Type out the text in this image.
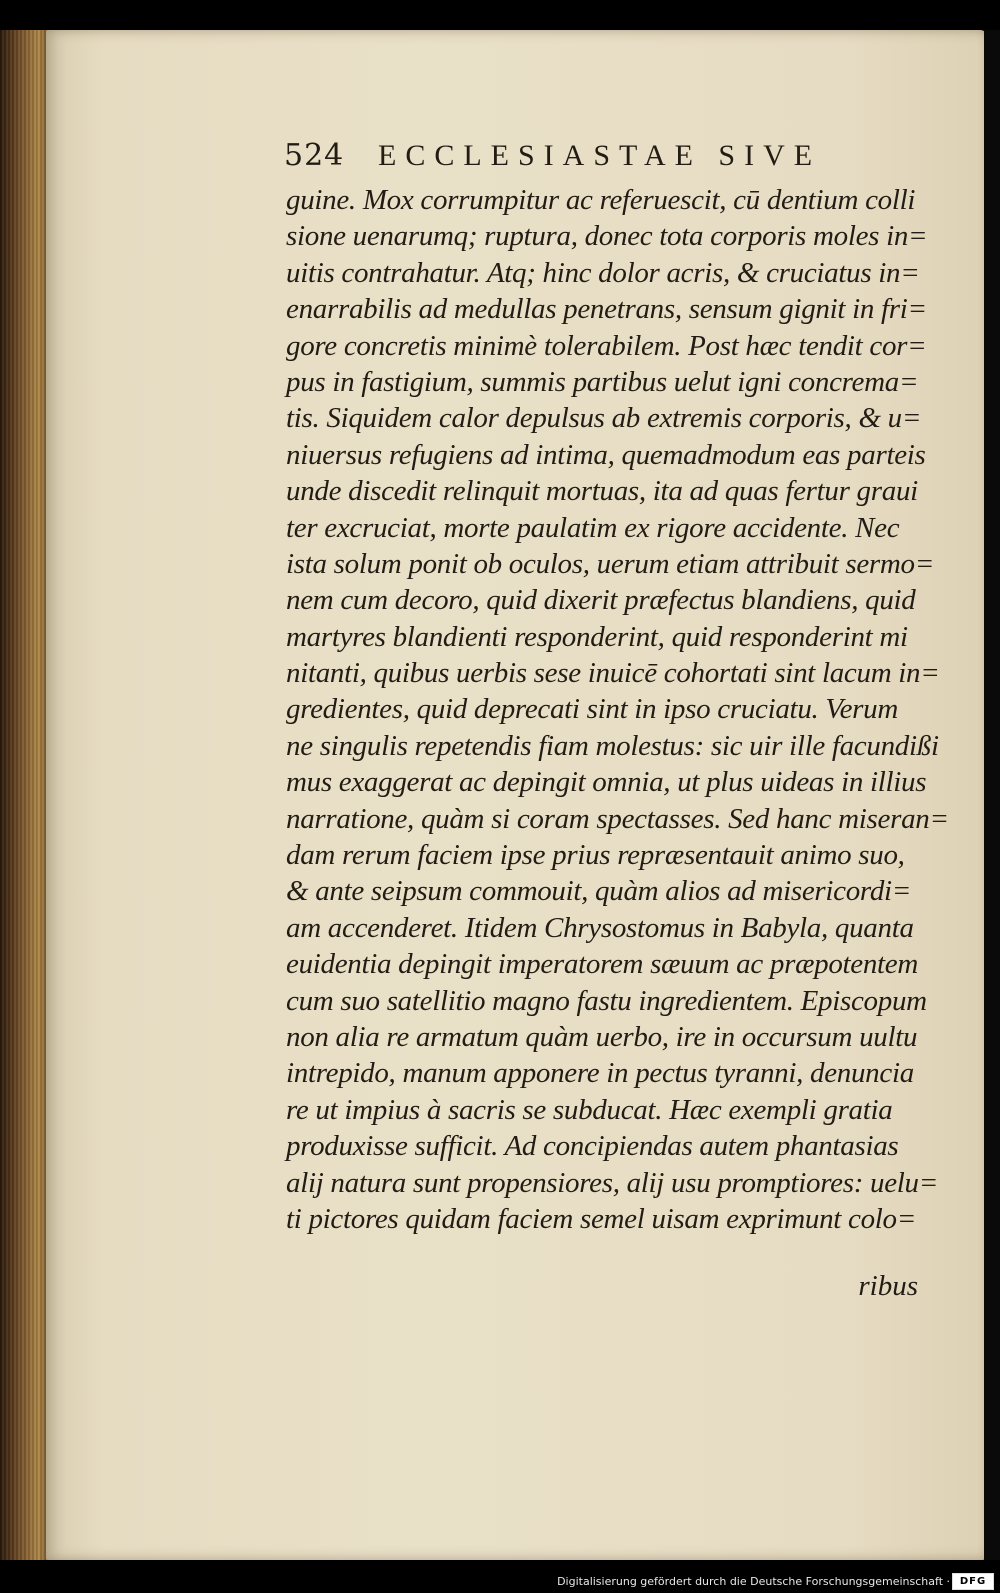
524	ECCLESIASTAE SIVE
guine. Mox corrumpitur ac referuescit, cū dentium colli
sione uenarumq; ruptura, donec tota corporis moles in=
uitis contrahatur. Atq; hinc dolor acris, & cruciatus in=
enarrabilis ad medullas penetrans, sensum gignit in fri=
gore concretis minimè tolerabilem. Post hæc tendit cor=
pus in fastigium, summis partibus uelut igni concrema=
tis. Siquidem calor depulsus ab extremis corporis, & u=
niuersus refugiens ad intima, quemadmodum eas parteis
unde discedit relinquit mortuas, ita ad quas fertur graui
ter excruciat, morte paulatim ex rigore accidente. Nec
ista solum ponit ob oculos, uerum etiam attribuit sermo=
nem cum decoro, quid dixerit præfectus blandiens, quid
martyres blandienti responderint, quid responderint mi
nitanti, quibus uerbis sese inuicē cohortati sint lacum in=
gredientes, quid deprecati sint in ipso cruciatu. Verum
ne singulis repetendis fiam molestus: sic uir ille facundißi
mus exaggerat ac depingit omnia, ut plus uideas in illius
narratione, quàm si coram spectasses. Sed hanc miseran=
dam rerum faciem ipse prius repræsentauit animo suo,
& ante seipsum commouit, quàm alios ad misericordi=
am accenderet. Itidem Chrysostomus in Babyla, quanta
euidentia depingit imperatorem sæuum ac præpotentem
cum suo satellitio magno fastu ingredientem. Episcopum
non alia re armatum quàm uerbo, ire in occursum uultu
intrepido, manum apponere in pectus tyranni, denuncia
re ut impius à sacris se subducat. Hæc exempli gratia
produxisse sufficit. Ad concipiendas autem phantasias
alij natura sunt propensiores, alij usu promptiores: uelu=
ti pictores quidam faciem semel uisam exprimunt colo=
ribus
Digitalisierung gefördert durch die Deutsche Forschungsgemeinschaft · DFG
